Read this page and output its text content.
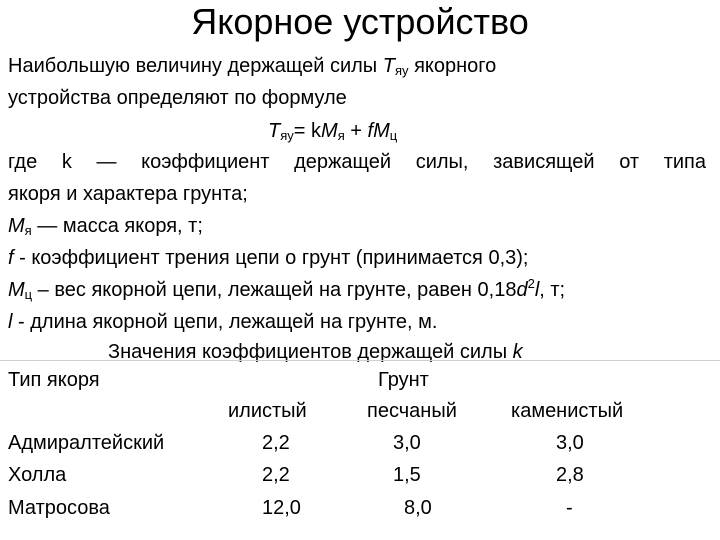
Якорное устройство
Наибольшую величину держащей силы $T_{яу}$ якорного
устройства определяют по формуле
$T_{яу}= kM_я + fM_ц$
где k — коэффициент держащей силы, зависящей от типа
якоря и характера грунта;
$M_я$ — масса якоря, т;
f - коэффициент трения цепи о грунт (принимается 0,3);
$M_ц$ – вес якорной цепи, лежащей на грунте, равен $0,18d^2l$, т;
l - длина якорной цепи, лежащей на грунте, м.
Значения коэффициентов держащей силы k
Тип якоря	Грунт
илистый	песчаный	каменистый
Адмиралтейский	2,2	3,0	3,0
Холла	2,2	1,5	2,8
Матросова	12,0	8,0	-
